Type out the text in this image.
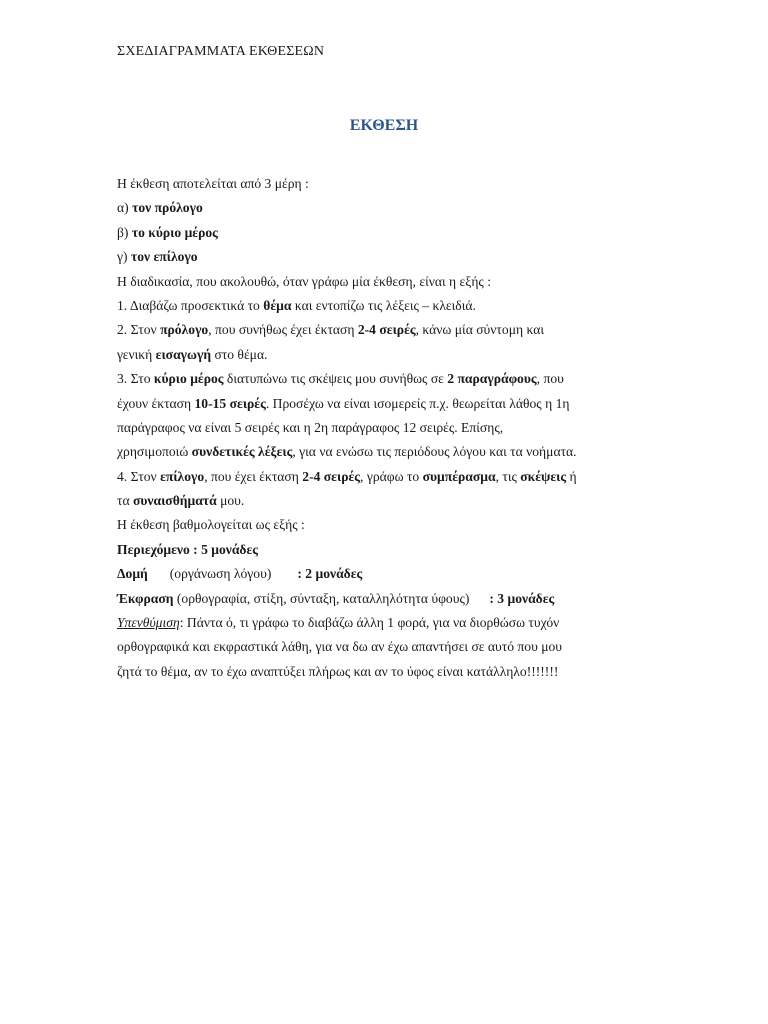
ΣΧΕΔΙΑΓΡΑΜΜΑΤΑ ΕΚΘΕΣΕΩΝ
ΕΚΘΕΣΗ
Η έκθεση αποτελείται από 3 μέρη :
α) τον πρόλογο
β) το κύριο μέρος
γ) τον επίλογο
Η διαδικασία, που ακολουθώ, όταν γράφω μία έκθεση, είναι η εξής :
1. Διαβάζω προσεκτικά το θέμα και εντοπίζω τις λέξεις – κλειδιά.
2. Στον πρόλογο, που συνήθως έχει έκταση 2-4 σειρές, κάνω μία σύντομη και
γενική εισαγωγή στο θέμα.
3. Στο κύριο μέρος διατυπώνω τις σκέψεις μου συνήθως σε 2 παραγράφους, που
έχουν έκταση 10-15 σειρές. Προσέχω να είναι ισομερείς π.χ. θεωρείται λάθος η 1η
παράγραφος να είναι 5 σειρές και η 2η παράγραφος 12 σειρές. Επίσης,
χρησιμοποιώ συνδετικές λέξεις, για να ενώσω τις περιόδους λόγου και τα νοήματα.
4. Στον επίλογο, που έχει έκταση 2-4 σειρές, γράφω το συμπέρασμα, τις σκέψεις ή
τα συναισθήματά μου.
Η έκθεση βαθμολογείται ως εξής :
Περιεχόμενο : 5 μονάδες
Δομή (οργάνωση λόγου) : 2 μονάδες
Έκφραση (ορθογραφία, στίξη, σύνταξη, καταλληλότητα ύφους) : 3 μονάδες
Υπενθύμιση: Πάντα ό, τι γράφω το διαβάζω άλλη 1 φορά, για να διορθώσω τυχόν
ορθογραφικά και εκφραστικά λάθη, για να δω αν έχω απαντήσει σε αυτό που μου
ζητά το θέμα, αν το έχω αναπτύξει πλήρως και αν το ύφος είναι κατάλληλο!!!!!!!
